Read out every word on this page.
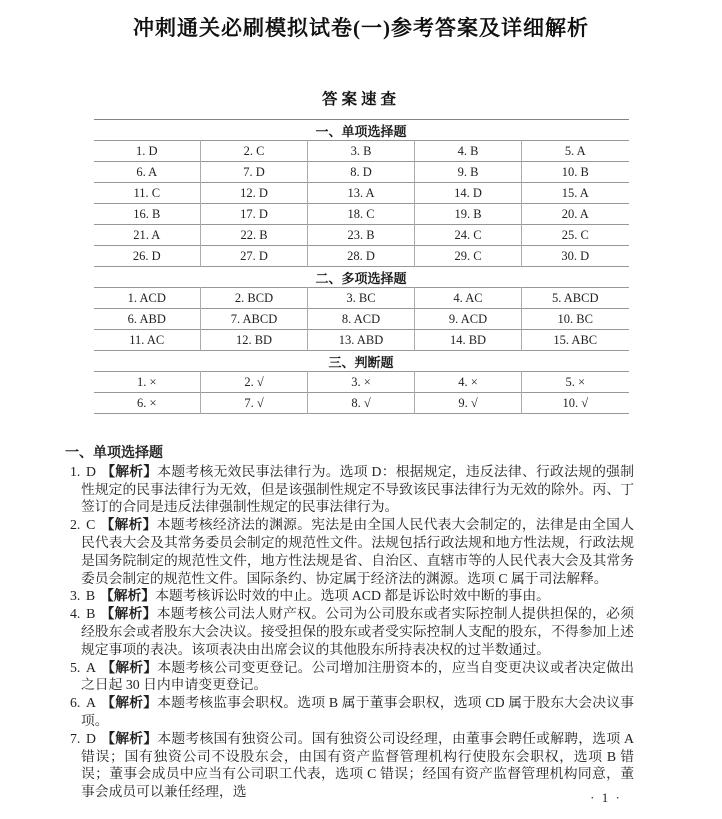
冲刺通关必刷模拟试卷(一)参考答案及详细解析
答案速查
一、单项选择题				
1. D	2. C	3. B	4. B	5. A
6. A	7. D	8. D	9. B	10. B
11. C	12. D	13. A	14. D	15. A
16. B	17. D	18. C	19. B	20. A
21. A	22. B	23. B	24. C	25. C
26. D	27. D	28. D	29. C	30. D
二、多项选择题				
1. ACD	2. BCD	3. BC	4. AC	5. ABCD
6. ABD	7. ABCD	8. ACD	9. ACD	10. BC
11. AC	12. BD	13. ABD	14. BD	15. ABC
三、判断题				
1. ×	2. √	3. ×	4. ×	5. ×
6. ×	7. √	8. √	9. √	10. √
一、单项选择题

1. D 【解析】本题考核无效民事法律行为。选项 D：根据规定，违反法律、行政法规的强制性规定的民事法律行为无效，但是该强制性规定不导致该民事法律行为无效的除外。丙、丁签订的合同是违反法律强制性规定的民事法律行为。

2. C 【解析】本题考核经济法的渊源。宪法是由全国人民代表大会制定的，法律是由全国人民代表大会及其常务委员会制定的规范性文件。法规包括行政法规和地方性法规，行政法规是国务院制定的规范性文件，地方性法规是省、自治区、直辖市等的人民代表大会及其常务委员会制定的规范性文件。国际条约、协定属于经济法的渊源。选项 C 属于司法解释。

3. B 【解析】本题考核诉讼时效的中止。选项 ACD 都是诉讼时效中断的事由。

4. B 【解析】本题考核公司法人财产权。公司为公司股东或者实际控制人提供担保的，必须经股东会或者股东大会决议。接受担保的股东或者受实际控制人支配的股东，不得参加上述规定事项的表决。该项表决由出席会议的其他股东所持表决权的过半数通过。

5. A 【解析】本题考核公司变更登记。公司增加注册资本的，应当自变更决议或者决定做出之日起 30 日内申请变更登记。

6. A 【解析】本题考核监事会职权。选项 B 属于董事会职权，选项 CD 属于股东大会决议事项。

7. D 【解析】本题考核国有独资公司。国有独资公司设经理，由董事会聘任或解聘，选项 A 错误；国有独资公司不设股东会，由国有资产监督管理机构行使股东会职权，选项 B 错误；董事会成员中应当有公司职工代表，选项 C 错误；经国有资产监督管理机构同意，董事会成员可以兼任经理，选	· 1 ·
